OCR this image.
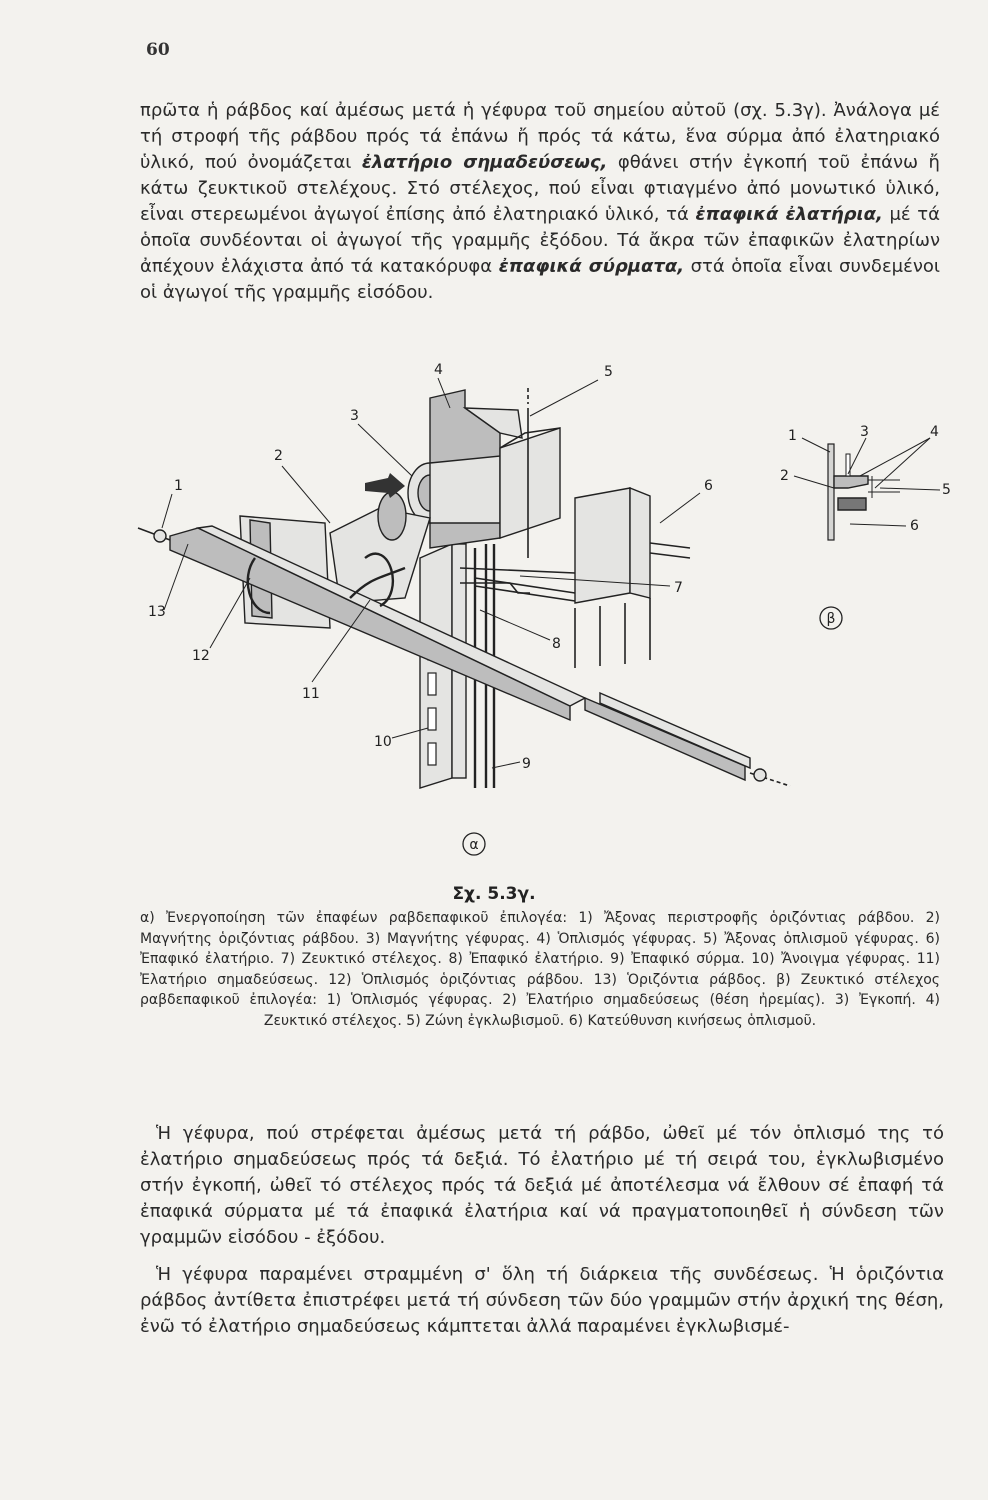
60

πρῶτα ἡ ράβδος καί ἀμέσως μετά ἡ γέφυρα τοῦ σημείου αὐτοῦ (σχ. 5.3γ). Ἀνάλογα μέ τή στροφή τῆς ράβδου πρός τά ἐπάνω ἤ πρός τά κάτω, ἕνα σύρμα ἀπό ἐλατηριακό ὑλικό, πού ὀνομάζεται ἐλατήριο σημαδεύσεως, φθάνει στήν ἐγκοπή τοῦ ἐπάνω ἤ κάτω ζευκτικοῦ στελέχους. Στό στέλεχος, πού εἶναι φτιαγμένο ἀπό μονωτικό ὑλικό, εἶναι στερεωμένοι ἀγωγοί ἐπίσης ἀπό ἐλατηριακό ὑλικό, τά ἐπαφικά ἐλατήρια, μέ τά ὁποῖα συνδέονται οἱ ἀγωγοί τῆς γραμμῆς ἐξόδου. Τά ἄκρα τῶν ἐπαφικῶν ἐλατηρίων ἀπέχουν ἐλάχιστα ἀπό τά κατακόρυφα ἐπαφικά σύρματα, στά ὁποῖα εἶναι συνδεμένοι οἱ ἀγωγοί τῆς γραμμῆς εἰσόδου.

1
2
3
4	5
6
7
8
9
10
11
12
13
α
1
2
3	4
5
6
β
Σχ. 5.3γ.

α) Ἐνεργοποίηση τῶν ἐπαφέων ραβδεπαφικοῦ ἐπιλογέα: 1) Ἄξονας περιστροφῆς ὁριζόντιας ράβδου. 2) Μαγνήτης ὁριζόντιας ράβδου. 3) Μαγνήτης γέφυρας. 4) Ὁπλισμός γέφυρας. 5) Ἄξονας ὁπλισμοῦ γέφυρας. 6) Ἐπαφικό ἐλατήριο. 7) Ζευκτικό στέλεχος. 8) Ἐπαφικό ἐλατήριο. 9) Ἐπαφικό σύρμα. 10) Ἄνοιγμα γέφυρας. 11) Ἐλατήριο σημαδεύσεως. 12) Ὁπλισμός ὁριζόντιας ράβδου. 13) Ὁριζόντια ράβδος. β) Ζευκτικό στέλεχος ραβδεπαφικοῦ ἐπιλογέα: 1) Ὁπλισμός γέφυρας. 2) Ἐλατήριο σημαδεύσεως (θέση ἠρεμίας). 3) Ἐγκοπή. 4) Ζευκτικό στέλεχος. 5) Ζώνη ἐγκλωβισμοῦ. 6) Κατεύθυνση κινήσεως ὁπλισμοῦ.

Ἡ γέφυρα, πού στρέφεται ἀμέσως μετά τή ράβδο, ὠθεῖ μέ τόν ὁπλισμό της τό ἐλατήριο σημαδεύσεως πρός τά δεξιά. Τό ἐλατήριο μέ τή σειρά του, ἐγκλωβισμένο στήν ἐγκοπή, ὠθεῖ τό στέλεχος πρός τά δεξιά μέ ἀποτέλεσμα νά ἔλθουν σέ ἐπαφή τά ἐπαφικά σύρματα μέ τά ἐπαφικά ἐλατήρια καί νά πραγματοποιηθεῖ ἡ σύνδεση τῶν γραμμῶν εἰσόδου - ἐξόδου.

Ἡ γέφυρα παραμένει στραμμένη σ' ὅλη τή διάρκεια τῆς συνδέσεως. Ἡ ὁριζόντια ράβδος ἀντίθετα ἐπιστρέφει μετά τή σύνδεση τῶν δύο γραμμῶν στήν ἀρχική της θέση, ἐνῶ τό ἐλατήριο σημαδεύσεως κάμπτεται ἀλλά παραμένει ἐγκλωβισμέ-
